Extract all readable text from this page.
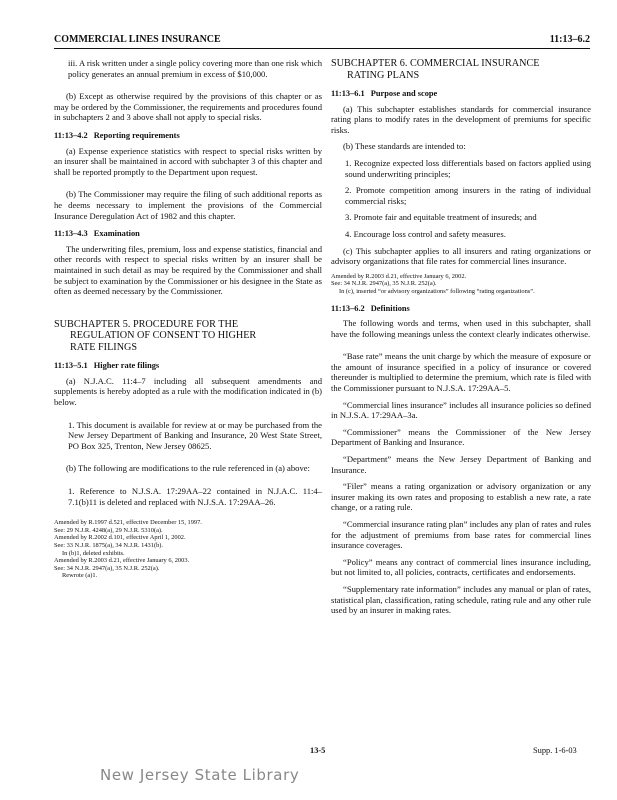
COMMERCIAL LINES INSURANCE	11:13–6.2

iii. A risk written under a single policy covering more than one risk which policy generates an annual premium in excess of $10,000.

(b) Except as otherwise required by the provisions of this chapter or as may be ordered by the Commissioner, the requirements and procedures found in subchapters 2 and 3 above shall not apply to special risks.

11:13–4.2 Reporting requirements

(a) Expense experience statistics with respect to special risks written by an insurer shall be maintained in accord with subchapter 3 of this chapter and shall be reported promptly to the Department upon request.

(b) The Commissioner may require the filing of such additional reports as he deems necessary to implement the provisions of the Commercial Insurance Deregulation Act of 1982 and this chapter.

11:13–4.3 Examination

The underwriting files, premium, loss and expense statistics, financial and other records with respect to special risks written by an insurer shall be maintained in such detail as may be required by the Commissioner and shall be subject to examination by the Commissioner or his designee in the State as often as deemed necessary by the Commissioner.

SUBCHAPTER 5. PROCEDURE FOR THE
REGULATION OF CONSENT TO HIGHER
RATE FILINGS
11:13–5.1 Higher rate filings

(a) N.J.A.C. 11:4–7 including all subsequent amendments and supplements is hereby adopted as a rule with the modification indicated in (b) below.

1. This document is available for review at or may be purchased from the New Jersey Department of Banking and Insurance, 20 West State Street, PO Box 325, Trenton, New Jersey 08625.

(b) The following are modifications to the rule referenced in (a) above:

1. Reference to N.J.S.A. 17:29AA–22 contained in N.J.A.C. 11:4–7.1(b)11 is deleted and replaced with N.J.S.A. 17:29AA–26.

Amended by R.1997 d.521, effective December 15, 1997.

See: 29 N.J.R. 4248(a), 29 N.J.R. 5310(a).

Amended by R.2002 d.101, effective April 1, 2002.

See: 33 N.J.R. 1875(a), 34 N.J.R. 1431(b).

In (b)1, deleted exhibits.

Amended by R.2003 d.21, effective January 6, 2003.

See: 34 N.J.R. 2947(a), 35 N.J.R. 252(a).

Rewrote (a)1.

SUBCHAPTER 6. COMMERCIAL INSURANCE
RATING PLANS
11:13–6.1 Purpose and scope

(a) This subchapter establishes standards for commercial insurance rating plans to modify rates in the development of premiums for specific risks.

(b) These standards are intended to:

1. Recognize expected loss differentials based on factors applied using sound underwriting principles;

2. Promote competition among insurers in the rating of individual commercial risks;

3. Promote fair and equitable treatment of insureds; and

4. Encourage loss control and safety measures.

(c) This subchapter applies to all insurers and rating organizations or advisory organizations that file rates for commercial lines insurance.

Amended by R.2003 d.21, effective January 6, 2002.

See: 34 N.J.R. 2947(a), 35 N.J.R. 252(a).

In (c), inserted “or advisory organizations” following “rating organizations”.

11:13–6.2 Definitions

The following words and terms, when used in this subchapter, shall have the following meanings unless the context clearly indicates otherwise.

“Base rate” means the unit charge by which the measure of exposure or the amount of insurance specified in a policy of insurance or covered thereunder is multiplied to determine the premium, which rate is filed with the Commissioner pursuant to N.J.S.A. 17:29AA–5.

“Commercial lines insurance” includes all insurance policies so defined in N.J.S.A. 17:29AA–3a.

“Commissioner” means the Commissioner of the New Jersey Department of Banking and Insurance.

“Department” means the New Jersey Department of Banking and Insurance.

“Filer” means a rating organization or advisory organization or any insurer making its own rates and proposing to establish a new rate, a rate change, or a rating rule.

“Commercial insurance rating plan” includes any plan of rates and rules for the adjustment of premiums from base rates for commercial lines insurance coverages.

“Policy” means any contract of commercial lines insurance including, but not limited to, all policies, contracts, certificates and endorsements.

“Supplementary rate information” includes any manual or plan of rates, statistical plan, classification, rating schedule, rating rule and any other rule used by an insurer in making rates.

13-5	Supp. 1-6-03
New Jersey State Library
